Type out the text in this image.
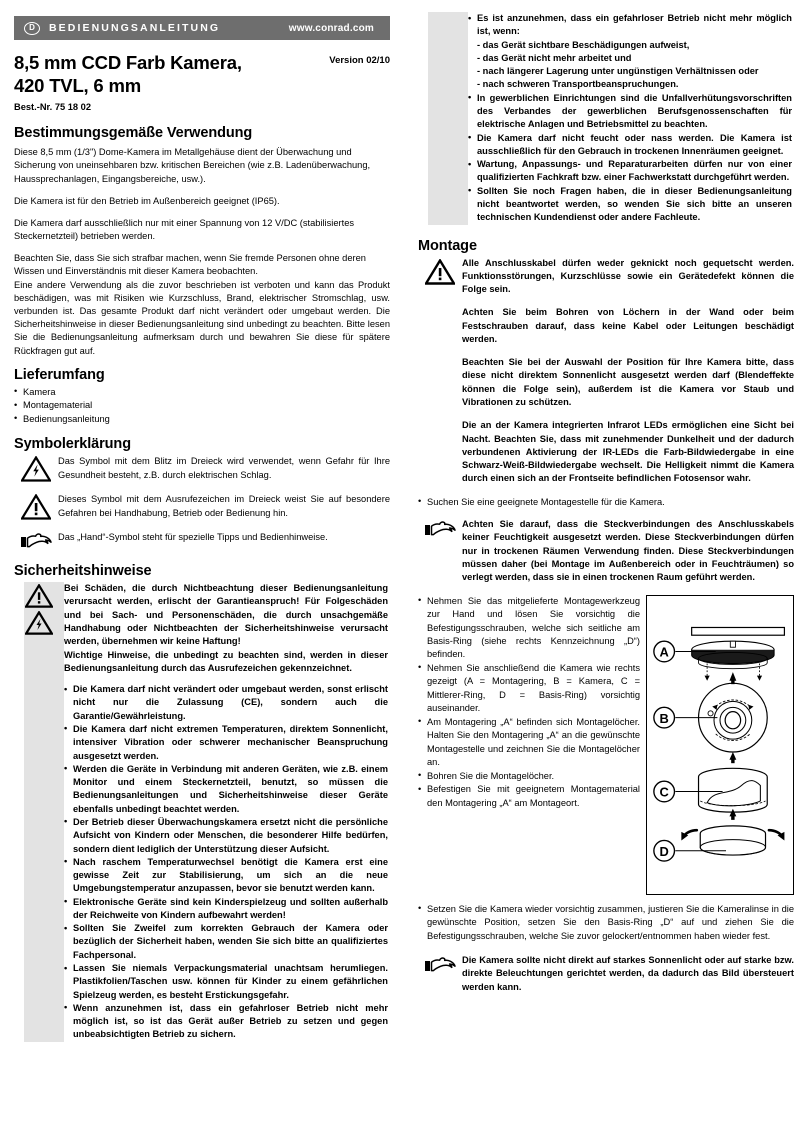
D	BEDIENUNGSANLEITUNG	www.conrad.com
8,5 mm CCD Farb Kamera,
420 TVL, 6 mm
Version 02/10
Best.-Nr. 75 18 02
Bestimmungsgemäße Verwendung

Diese 8,5 mm (1/3") Dome-Kamera im Metallgehäuse dient der Überwachung und Sicherung von uneinsehbaren bzw. kritischen Bereichen (wie z.B. Ladenüberwachung, Haussprechanlagen, Eingangsbereiche, usw.).

Die Kamera ist für den Betrieb im Außenbereich geeignet (IP65).

Die Kamera darf ausschließlich nur mit einer Spannung von 12 V/DC (stabilisiertes Steckernetzteil) betrieben werden.

Beachten Sie, dass Sie sich strafbar machen, wenn Sie fremde Personen ohne deren Wissen und Einverständnis mit dieser Kamera beobachten.

Eine andere Verwendung als die zuvor beschrieben ist verboten und kann das Produkt beschädigen, was mit Risiken wie Kurzschluss, Brand, elektrischer Stromschlag, usw. verbunden ist. Das gesamte Produkt darf nicht verändert oder umgebaut werden. Die Sicherheitshinweise in dieser Bedienungsanleitung sind unbedingt zu beachten. Bitte lesen Sie die Bedienungsanleitung aufmerksam durch und bewahren Sie diese für spätere Rückfragen gut auf.

Lieferumfang
• Kamera
• Montagematerial
• Bedienungsanleitung
Symbolerklärung
Das Symbol mit dem Blitz im Dreieck wird verwendet, wenn Gefahr für Ihre Gesundheit besteht, z.B. durch elektrischen Schlag.
Dieses Symbol mit dem Ausrufezeichen im Dreieck weist Sie auf besondere Gefahren bei Handhabung, Betrieb oder Bedienung hin.
Das „Hand“-Symbol steht für spezielle Tipps und Bedienhinweise.
Sicherheitshinweise
Bei Schäden, die durch Nichtbeachtung dieser Bedienungsanleitung verursacht werden, erlischt der Garantieanspruch! Für Folgeschäden und bei Sach- und Personenschäden, die durch unsachgemäße Handhabung oder Nichtbeachten der Sicherheitshinweise verursacht werden, übernehmen wir keine Haftung!
Wichtige Hinweise, die unbedingt zu beachten sind, werden in dieser Bedienungsanleitung durch das Ausrufezeichen gekennzeichnet.
• Die Kamera darf nicht verändert oder umgebaut werden, sonst erlischt nicht nur die Zulassung (CE), sondern auch die Garantie/Gewährleistung.
• Die Kamera darf nicht extremen Temperaturen, direktem Sonnenlicht, intensiver Vibration oder schwerer mechanischer Beanspruchung ausgesetzt werden.
• Werden die Geräte in Verbindung mit anderen Geräten, wie z.B. einem Monitor und einem Steckernetzteil, benutzt, so müssen die Bedienungsanleitungen und Sicherheitshinweise dieser Geräte ebenfalls unbedingt beachtet werden.
• Der Betrieb dieser Überwachungskamera ersetzt nicht die persönliche Aufsicht von Kindern oder Menschen, die besonderer Hilfe bedürfen, sondern dient lediglich der Unterstützung dieser Aufsicht.
• Nach raschem Temperaturwechsel benötigt die Kamera erst eine gewisse Zeit zur Stabilisierung, um sich an die neue Umgebungstemperatur anzupassen, bevor sie benutzt werden kann.
• Elektronische Geräte sind kein Kinderspielzeug und sollten außerhalb der Reichweite von Kindern aufbewahrt werden!
• Sollten Sie Zweifel zum korrekten Gebrauch der Kamera oder bezüglich der Sicherheit haben, wenden Sie sich bitte an qualifiziertes Fachpersonal.
• Lassen Sie niemals Verpackungsmaterial unachtsam herumliegen. Plastikfolien/Taschen usw. können für Kinder zu einem gefährlichen Spielzeug werden, es besteht Erstickungsgefahr.
• Wenn anzunehmen ist, dass ein gefahrloser Betrieb nicht mehr möglich ist, so ist das Gerät außer Betrieb zu setzen und gegen unbeabsichtigten Betrieb zu sichern.
• Es ist anzunehmen, dass ein gefahrloser Betrieb nicht mehr möglich ist, wenn:
- das Gerät sichtbare Beschädigungen aufweist,
- das Gerät nicht mehr arbeitet und
- nach längerer Lagerung unter ungünstigen Verhältnissen oder
- nach schweren Transportbeanspruchungen.
• In gewerblichen Einrichtungen sind die Unfallverhütungsvorschriften des Verbandes der gewerblichen Berufsgenossenschaften für elektrische Anlagen und Betriebsmittel zu beachten.
• Die Kamera darf nicht feucht oder nass werden. Die Kamera ist ausschließlich für den Gebrauch in trockenen Innenräumen geeignet.
• Wartung, Anpassungs- und Reparaturarbeiten dürfen nur von einer qualifizierten Fachkraft bzw. einer Fachwerkstatt durchgeführt werden.
• Sollten Sie noch Fragen haben, die in dieser Bedienungsanleitung nicht beantwortet werden, so wenden Sie sich bitte an unseren technischen Kundendienst oder andere Fachleute.
Montage
Alle Anschlusskabel dürfen weder geknickt noch gequetscht werden. Funktionsstörungen, Kurzschlüsse sowie ein Gerätedefekt können die Folge sein.

Achten Sie beim Bohren von Löchern in der Wand oder beim Festschrauben darauf, dass keine Kabel oder Leitungen beschädigt werden.

Beachten Sie bei der Auswahl der Position für Ihre Kamera bitte, dass diese nicht direktem Sonnenlicht ausgesetzt werden darf (Blendeffekte können die Folge sein), außerdem ist die Kamera vor Staub und Vibrationen zu schützen.

Die an der Kamera integrierten Infrarot LEDs ermöglichen eine Sicht bei Nacht. Beachten Sie, dass mit zunehmender Dunkelheit und der dadurch verbundenen Aktivierung der IR-LEDs die Farb-Bildwiedergabe in eine Schwarz-Weiß-Bildwiedergabe wechselt. Die Helligkeit nimmt die Kamera durch einen sich an der Frontseite befindlichen Fotosensor wahr.

• Suchen Sie eine geeignete Montagestelle für die Kamera.
Achten Sie darauf, dass die Steckverbindungen des Anschlusskabels keiner Feuchtigkeit ausgesetzt werden. Diese Steckverbindungen dürfen nur in trockenen Räumen Verwendung finden. Diese Steckverbindungen müssen daher (bei Montage im Außenbereich oder in Feuchträumen) so verlegt werden, dass sie in einen trockenen Raum geführt werden.
• Nehmen Sie das mitgelieferte Montagewerkzeug zur Hand und lösen Sie vorsichtig die Befestigungsschrauben, welche sich seitliche am Basis-Ring (siehe rechts Kennzeichnung „D“) befinden.
• Nehmen Sie anschließend die Kamera wie rechts gezeigt (A = Montagering, B = Kamera, C = Mittlerer-Ring, D = Basis-Ring) vorsichtig auseinander.
• Am Montagering „A“ befinden sich Montagelöcher. Halten Sie den Montagering „A“ an die gewünschte Montagestelle und zeichnen Sie die Montagelöcher an.
• Bohren Sie die Montagelöcher.
• Befestigen Sie mit geeignetem Montagematerial den Montagering „A“ am Montageort.
A
B
C
D
• Setzen Sie die Kamera wieder vorsichtig zusammen, justieren Sie die Kameralinse in die gewünschte Position, setzen Sie den Basis-Ring „D“ auf und ziehen Sie die Befestigungsschrauben, welche Sie zuvor gelockert/entnommen haben wieder fest.
Die Kamera sollte nicht direkt auf starkes Sonnenlicht oder auf starke bzw. direkte Beleuchtungen gerichtet werden, da dadurch das Bild übersteuert werden kann.
